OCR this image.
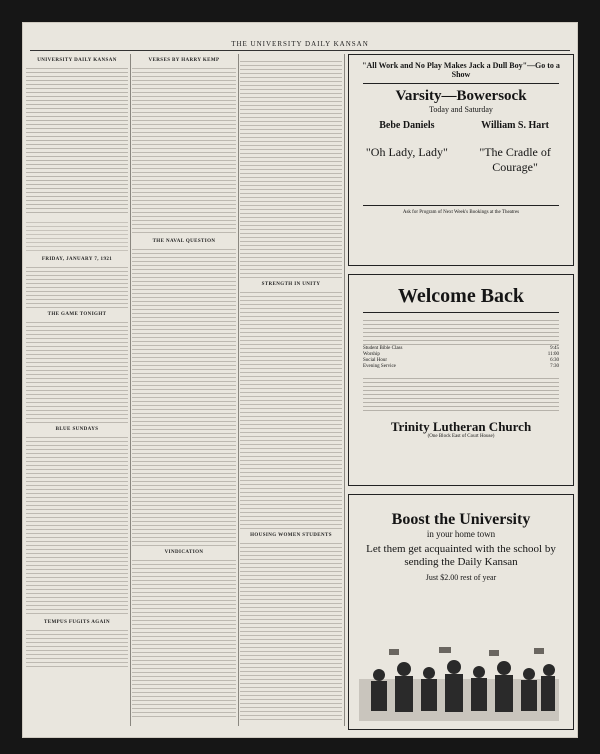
THE UNIVERSITY DAILY KANSAN
UNIVERSITY DAILY KANSAN
FRIDAY, JANUARY 7, 1921
THE GAME TONIGHT
BLUE SUNDAYS
TEMPUS FUGITS AGAIN
VERSES BY HARRY KEMP
THE NAVAL QUESTION
VINDICATION
STRENGTH IN UNITY
HOUSING WOMEN STUDENTS
"All Work and No Play Makes Jack a Dull Boy"—Go to a Show
Varsity—Bowersock
Today and Saturday
Bebe Daniels
"Oh Lady, Lady"
William S. Hart
"The Cradle of Courage"
Ask for Program of Next Week's Bookings at the Theatres
Welcome Back
Student Bible Class	9:45
Worship	11:00
Social Hour	6:30
Evening Service	7:30
Trinity Lutheran Church
(One Block East of Court House)
Boost the University
in your home town
Let them get acquainted with the school by sending the Daily Kansan
Just $2.00 rest of year
